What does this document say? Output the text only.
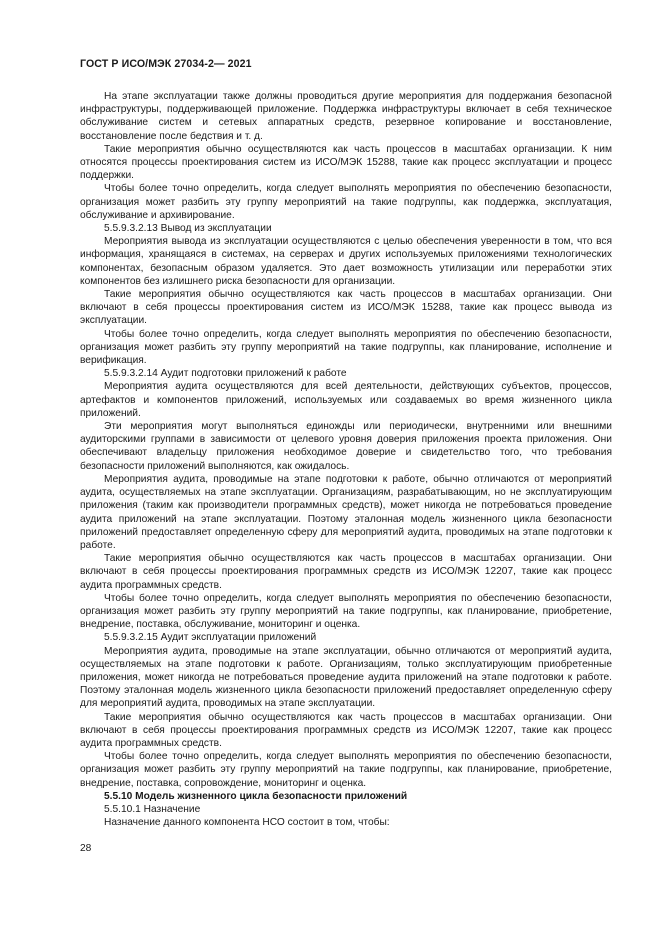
ГОСТ Р ИСО/МЭК 27034-2— 2021

На этапе эксплуатации также должны проводиться другие мероприятия для поддержания безопасной инфраструктуры, поддерживающей приложение. Поддержка инфраструктуры включает в себя техническое обслуживание систем и сетевых аппаратных средств, резервное копирование и восстановление, восстановление после бедствия и т. д.

Такие мероприятия обычно осуществляются как часть процессов в масштабах организации. К ним относятся процессы проектирования систем из ИСО/МЭК 15288, такие как процесс эксплуатации и процесс поддержки.

Чтобы более точно определить, когда следует выполнять мероприятия по обеспечению безопасности, организация может разбить эту группу мероприятий на такие подгруппы, как поддержка, эксплуатация, обслуживание и архивирование.

5.5.9.3.2.13 Вывод из эксплуатации

Мероприятия вывода из эксплуатации осуществляются с целью обеспечения уверенности в том, что вся информация, хранящаяся в системах, на серверах и других используемых приложениями технологических компонентах, безопасным образом удаляется. Это дает возможность утилизации или переработки этих компонентов без излишнего риска безопасности для организации.

Такие мероприятия обычно осуществляются как часть процессов в масштабах организации. Они включают в себя процессы проектирования систем из ИСО/МЭК 15288, такие как процесс вывода из эксплуатации.

Чтобы более точно определить, когда следует выполнять мероприятия по обеспечению безопасности, организация может разбить эту группу мероприятий на такие подгруппы, как планирование, исполнение и верификация.

5.5.9.3.2.14 Аудит подготовки приложений к работе

Мероприятия аудита осуществляются для всей деятельности, действующих субъектов, процессов, артефактов и компонентов приложений, используемых или создаваемых во время жизненного цикла приложений.

Эти мероприятия могут выполняться единожды или периодически, внутренними или внешними аудиторскими группами в зависимости от целевого уровня доверия приложения проекта приложения. Они обеспечивают владельцу приложения необходимое доверие и свидетельство того, что требования безопасности приложений выполняются, как ожидалось.

Мероприятия аудита, проводимые на этапе подготовки к работе, обычно отличаются от мероприятий аудита, осуществляемых на этапе эксплуатации. Организациям, разрабатывающим, но не эксплуатирующим приложения (таким как производители программных средств), может никогда не потребоваться проведение аудита приложений на этапе эксплуатации. Поэтому эталонная модель жизненного цикла безопасности приложений предоставляет определенную сферу для мероприятий аудита, проводимых на этапе подготовки к работе.

Такие мероприятия обычно осуществляются как часть процессов в масштабах организации. Они включают в себя процессы проектирования программных средств из ИСО/МЭК 12207, такие как процесс аудита программных средств.

Чтобы более точно определить, когда следует выполнять мероприятия по обеспечению безопасности, организация может разбить эту группу мероприятий на такие подгруппы, как планирование, приобретение, внедрение, поставка, обслуживание, мониторинг и оценка.

5.5.9.3.2.15 Аудит эксплуатации приложений

Мероприятия аудита, проводимые на этапе эксплуатации, обычно отличаются от мероприятий аудита, осуществляемых на этапе подготовки к работе. Организациям, только эксплуатирующим приобретенные приложения, может никогда не потребоваться проведение аудита приложений на этапе подготовки к работе. Поэтому эталонная модель жизненного цикла безопасности приложений предоставляет определенную сферу для мероприятий аудита, проводимых на этапе эксплуатации.

Такие мероприятия обычно осуществляются как часть процессов в масштабах организации. Они включают в себя процессы проектирования программных средств из ИСО/МЭК 12207, такие как процесс аудита программных средств.

Чтобы более точно определить, когда следует выполнять мероприятия по обеспечению безопасности, организация может разбить эту группу мероприятий на такие подгруппы, как планирование, приобретение, внедрение, поставка, сопровождение, мониторинг и оценка.

5.5.10 Модель жизненного цикла безопасности приложений

5.5.10.1 Назначение

Назначение данного компонента НСО состоит в том, чтобы:

28
